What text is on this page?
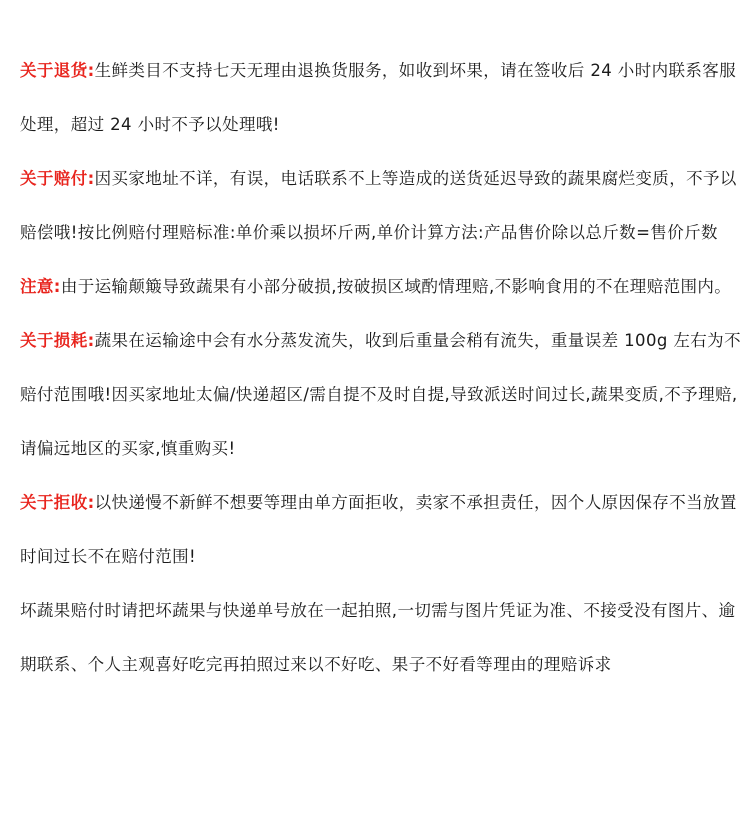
关于退货:生鲜类目不支持七天无理由退换货服务，如收到坏果，请在签收后 24 小时内联系客服处理，超过 24 小时不予以处理哦!

关于赔付:因买家地址不详，有误，电话联系不上等造成的送货延迟导致的蔬果腐烂变质，不予以赔偿哦!按比例赔付理赔标准:单价乘以损坏斤两,单价计算方法:产品售价除以总斤数=售价斤数

注意:由于运输颠簸导致蔬果有小部分破损,按破损区域酌情理赔,不影响食用的不在理赔范围内。

关于损耗:蔬果在运输途中会有水分蒸发流失，收到后重量会稍有流失，重量误差 100g 左右为不赔付范围哦!因买家地址太偏/快递超区/需自提不及时自提,导致派送时间过长,蔬果变质,不予理赔,请偏远地区的买家,慎重购买!

关于拒收:以快递慢不新鲜不想要等理由单方面拒收，卖家不承担责任，因个人原因保存不当放置时间过长不在赔付范围!

坏蔬果赔付时请把坏蔬果与快递单号放在一起拍照,一切需与图片凭证为准、不接受没有图片、逾期联系、个人主观喜好吃完再拍照过来以不好吃、果子不好看等理由的理赔诉求
